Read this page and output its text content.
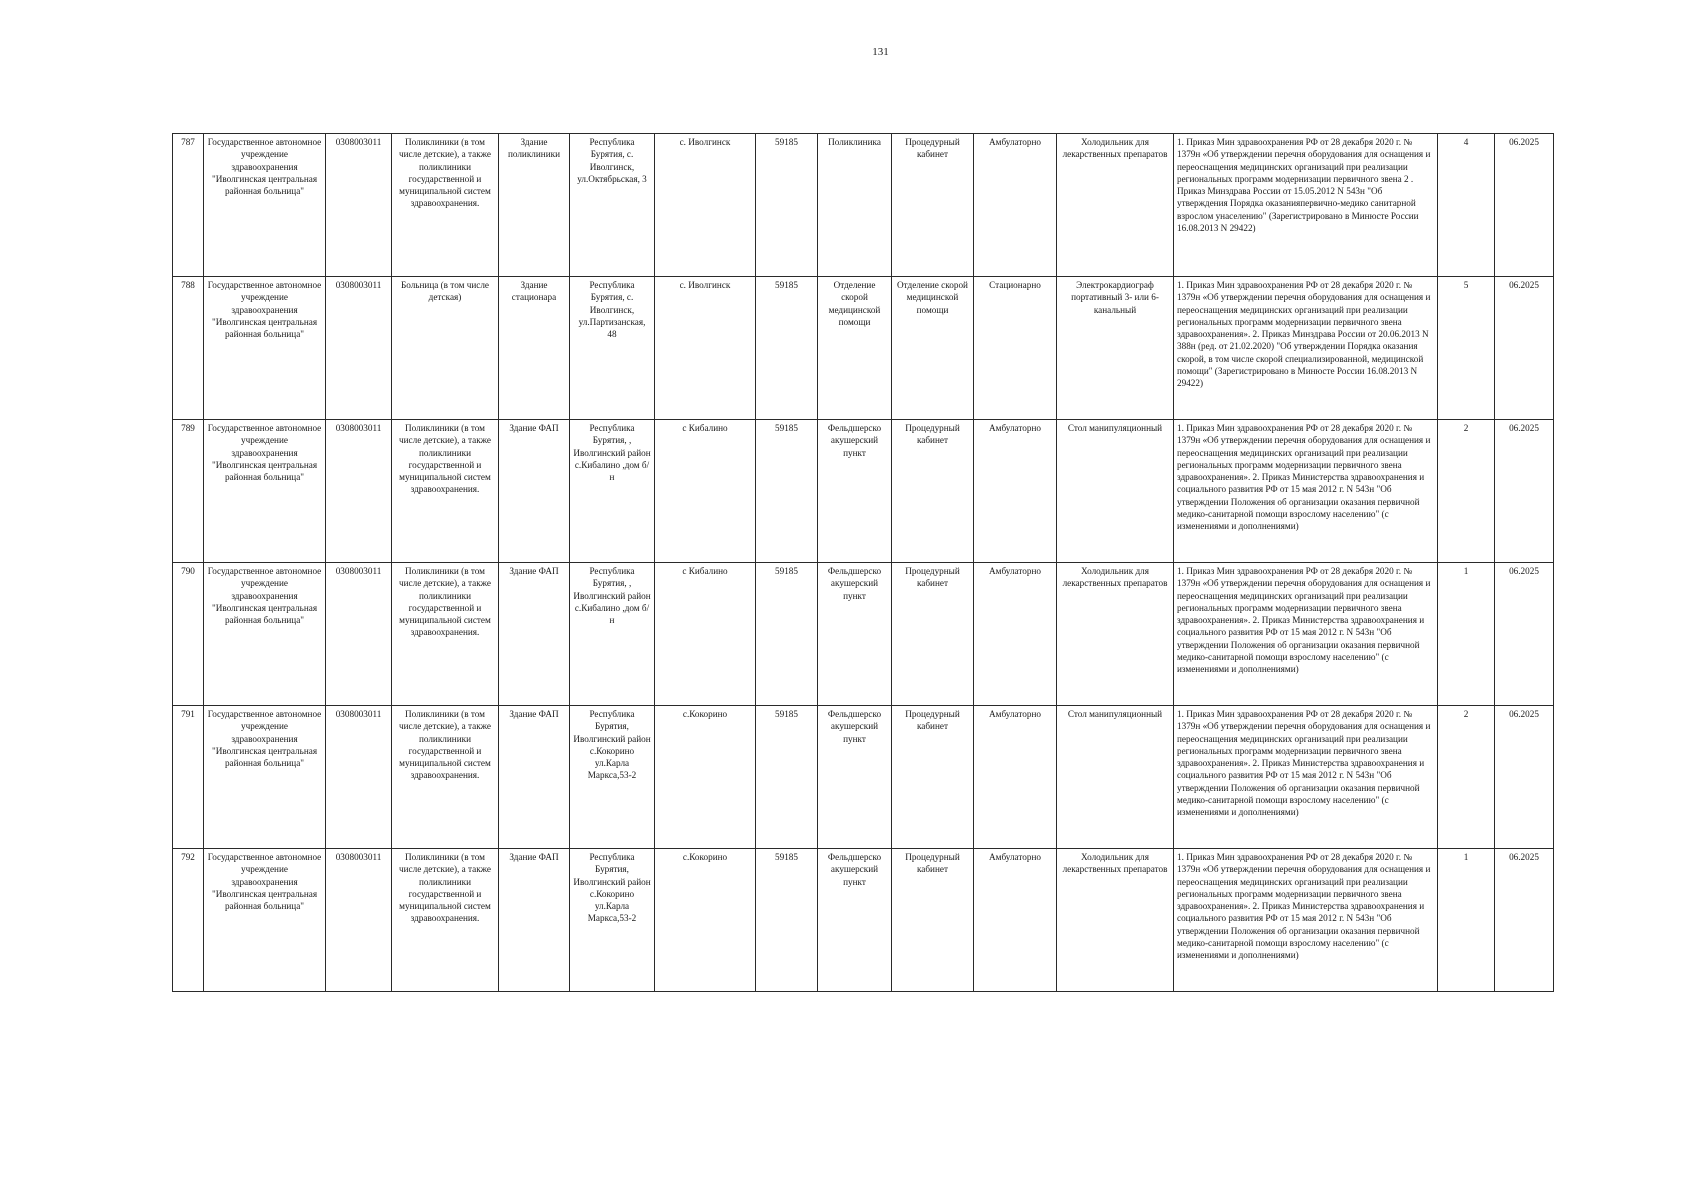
131
787	Государственное автономное учреждение здравоохранения "Иволгинская центральная районная больница"	0308003011	Поликлиники (в том числе детские), а также поликлиники государственной и муниципальной систем здравоохранения.	Здание поликлиники	Республика Бурятия, с. Иволгинск, ул.Октябрьская, 3	с. Иволгинск	59185	Поликлиника	Процедурный кабинет	Амбулаторно	Холодильник для лекарственных препаратов	1. Приказ Мин здравоохранения РФ от 28 декабря 2020 г. № 1379н «Об утверждении перечня оборудования для оснащения и переоснащения медицинских организаций при реализации региональных программ модернизации первичного звена 2 . Приказ Минздрава России от 15.05.2012 N 543н "Об утверждения Порядка оказанияпервично-медико санитарной взрослом унаселению" (Зарегистрировано в Минюсте России 16.08.2013 N 29422)	4	06.2025
788	Государственное автономное учреждение здравоохранения "Иволгинская центральная районная больница"	0308003011	Больница (в том числе детская)	Здание стационара	Республика Бурятия, с. Иволгинск, ул.Партизанская, 48	с. Иволгинск	59185	Отделение скорой медицинской помощи	Отделение скорой медицинской помощи	Стационарно	Электрокардиограф портативный 3- или 6-канальный	1. Приказ Мин здравоохранения РФ от 28 декабря 2020 г. № 1379н «Об утверждении перечня оборудования для оснащения и переоснащения медицинских организаций при реализации региональных программ модернизации первичного звена здравоохранения». 2. Приказ Минздрава России от 20.06.2013 N 388н (ред. от 21.02.2020) "Об утверждении Порядка оказания скорой, в том числе скорой специализированной, медицинской помощи" (Зарегистрировано в Минюсте России 16.08.2013 N 29422)	5	06.2025
789	Государственное автономное учреждение здравоохранения "Иволгинская центральная районная больница"	0308003011	Поликлиники (в том числе детские), а также поликлиники государственной и муниципальной систем здравоохранения.	Здание ФАП	Республика Бурятия, , Иволгинский район с.Кибалино ,дом б/н	с Кибалино	59185	Фельдшерско акушерский пункт	Процедурный кабинет	Амбулаторно	Стол манипуляционный	1. Приказ Мин здравоохранения РФ от 28 декабря 2020 г. № 1379н «Об утверждении перечня оборудования для оснащения и переоснащения медицинских организаций при реализации региональных программ модернизации первичного звена здравоохранения». 2. Приказ Министерства здравоохранения и социального развития РФ от 15 мая 2012 г. N 543н "Об утверждении Положения об организации оказания первичной медико-санитарной помощи взрослому населению" (с изменениями и дополнениями)	2	06.2025
790	Государственное автономное учреждение здравоохранения "Иволгинская центральная районная больница"	0308003011	Поликлиники (в том числе детские), а также поликлиники государственной и муниципальной систем здравоохранения.	Здание ФАП	Республика Бурятия, , Иволгинский район с.Кибалино ,дом б/н	с Кибалино	59185	Фельдшерско акушерский пункт	Процедурный кабинет	Амбулаторно	Холодильник для лекарственных препаратов	1. Приказ Мин здравоохранения РФ от 28 декабря 2020 г. № 1379н «Об утверждении перечня оборудования для оснащения и переоснащения медицинских организаций при реализации региональных программ модернизации первичного звена здравоохранения». 2. Приказ Министерства здравоохранения и социального развития РФ от 15 мая 2012 г. N 543н "Об утверждении Положения об организации оказания первичной медико-санитарной помощи взрослому населению" (с изменениями и дополнениями)	1	06.2025
791	Государственное автономное учреждение здравоохранения "Иволгинская центральная районная больница"	0308003011	Поликлиники (в том числе детские), а также поликлиники государственной и муниципальной систем здравоохранения.	Здание ФАП	Республика Бурятия, Иволгинский район с.Кокорино ул.Карла Маркса,53-2	с.Кокорино	59185	Фельдшерско акушерский пункт	Процедурный кабинет	Амбулаторно	Стол манипуляционный	1. Приказ Мин здравоохранения РФ от 28 декабря 2020 г. № 1379н «Об утверждении перечня оборудования для оснащения и переоснащения медицинских организаций при реализации региональных программ модернизации первичного звена здравоохранения». 2. Приказ Министерства здравоохранения и социального развития РФ от 15 мая 2012 г. N 543н "Об утверждении Положения об организации оказания первичной медико-санитарной помощи взрослому населению" (с изменениями и дополнениями)	2	06.2025
792	Государственное автономное учреждение здравоохранения "Иволгинская центральная районная больница"	0308003011	Поликлиники (в том числе детские), а также поликлиники государственной и муниципальной систем здравоохранения.	Здание ФАП	Республика Бурятия, Иволгинский район с.Кокорино ул.Карла Маркса,53-2	с.Кокорино	59185	Фельдшерско акушерский пункт	Процедурный кабинет	Амбулаторно	Холодильник для лекарственных препаратов	1. Приказ Мин здравоохранения РФ от 28 декабря 2020 г. № 1379н «Об утверждении перечня оборудования для оснащения и переоснащения медицинских организаций при реализации региональных программ модернизации первичного звена здравоохранения». 2. Приказ Министерства здравоохранения и социального развития РФ от 15 мая 2012 г. N 543н "Об утверждении Положения об организации оказания первичной медико-санитарной помощи взрослому населению" (с изменениями и дополнениями)	1	06.2025
